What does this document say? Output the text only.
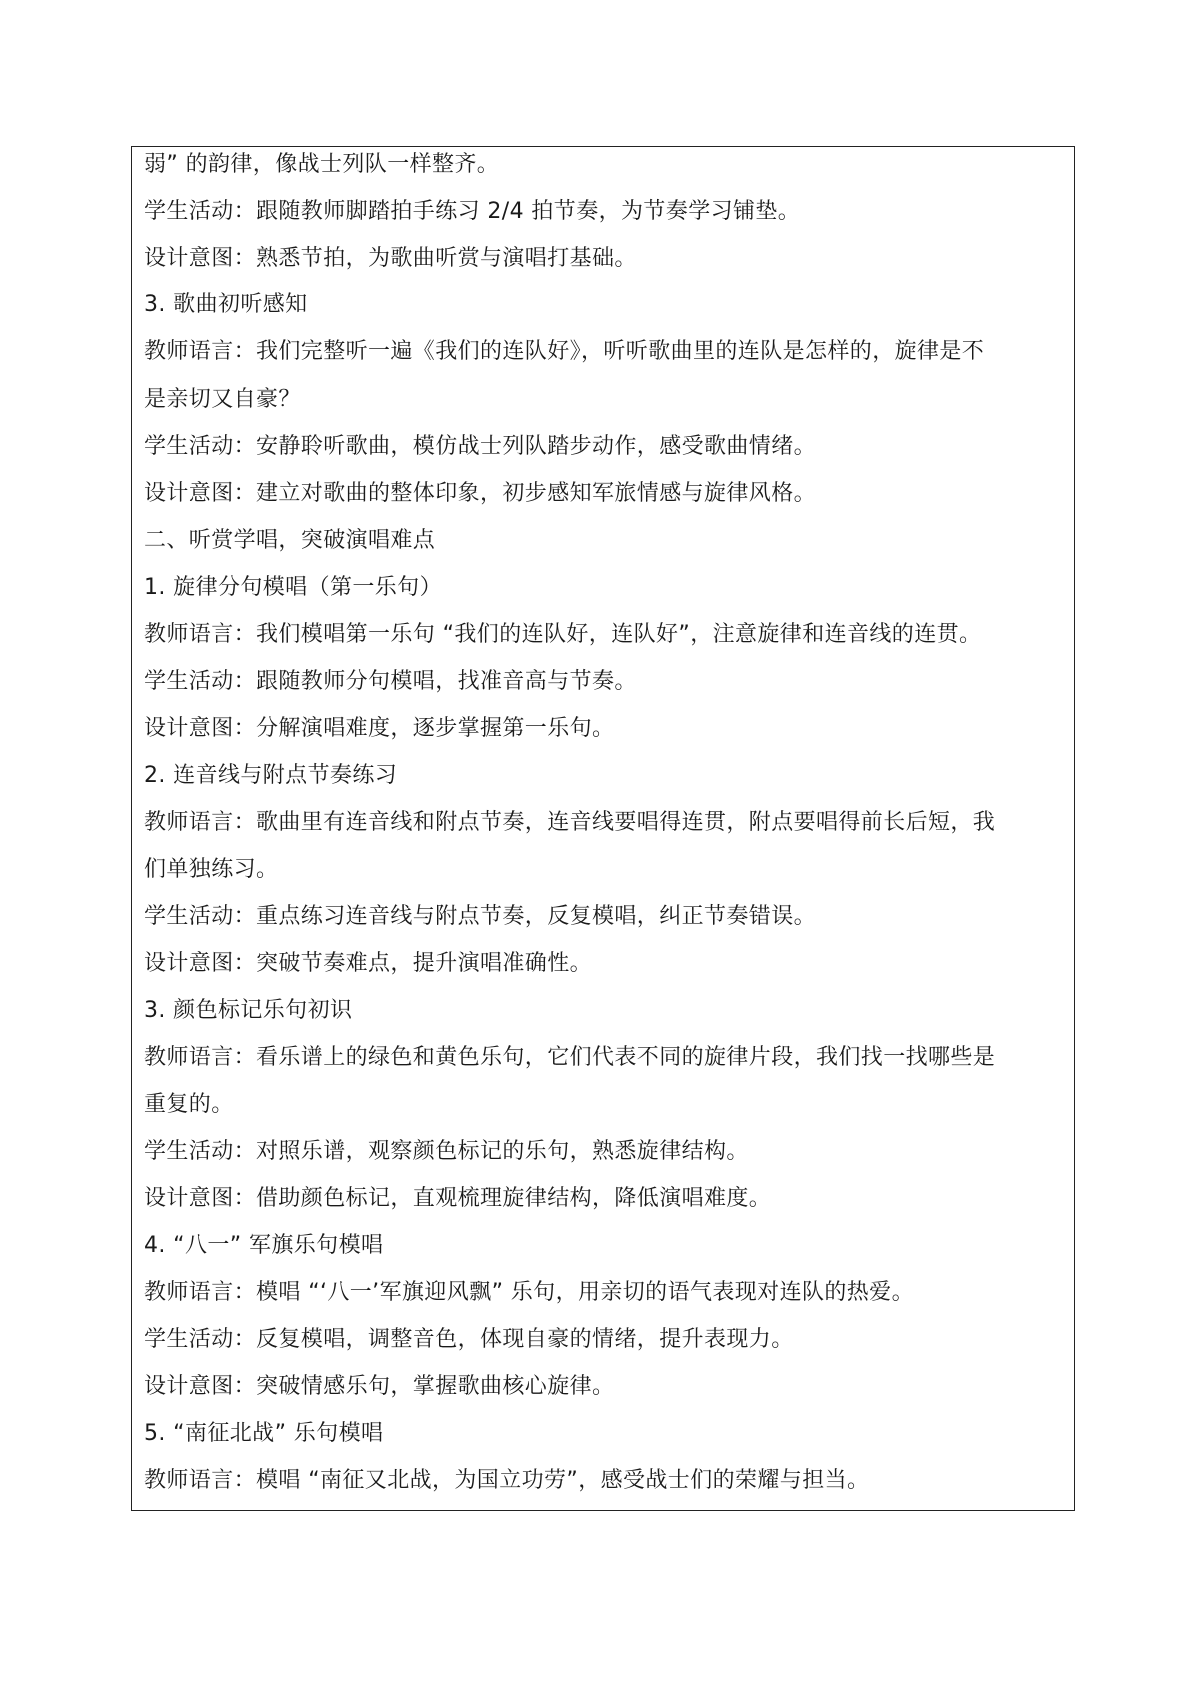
弱” 的韵律，像战士列队一样整齐。
学生活动：跟随教师脚踏拍手练习 2/4 拍节奏，为节奏学习铺垫。
设计意图：熟悉节拍，为歌曲听赏与演唱打基础。
3. 歌曲初听感知
教师语言：我们完整听一遍《我们的连队好》，听听歌曲里的连队是怎样的，旋律是不
是亲切又自豪？
学生活动：安静聆听歌曲，模仿战士列队踏步动作，感受歌曲情绪。
设计意图：建立对歌曲的整体印象，初步感知军旅情感与旋律风格。
二、听赏学唱，突破演唱难点
1. 旋律分句模唱（第一乐句）
教师语言：我们模唱第一乐句 “我们的连队好，连队好”，注意旋律和连音线的连贯。
学生活动：跟随教师分句模唱，找准音高与节奏。
设计意图：分解演唱难度，逐步掌握第一乐句。
2. 连音线与附点节奏练习
教师语言：歌曲里有连音线和附点节奏，连音线要唱得连贯，附点要唱得前长后短，我
们单独练习。
学生活动：重点练习连音线与附点节奏，反复模唱，纠正节奏错误。
设计意图：突破节奏难点，提升演唱准确性。
3. 颜色标记乐句初识
教师语言：看乐谱上的绿色和黄色乐句，它们代表不同的旋律片段，我们找一找哪些是
重复的。
学生活动：对照乐谱，观察颜色标记的乐句，熟悉旋律结构。
设计意图：借助颜色标记，直观梳理旋律结构，降低演唱难度。
4. “八一” 军旗乐句模唱
教师语言：模唱 “‘八一’军旗迎风飘” 乐句，用亲切的语气表现对连队的热爱。
学生活动：反复模唱，调整音色，体现自豪的情绪，提升表现力。
设计意图：突破情感乐句，掌握歌曲核心旋律。
5. “南征北战” 乐句模唱
教师语言：模唱 “南征又北战，为国立功劳”，感受战士们的荣耀与担当。
